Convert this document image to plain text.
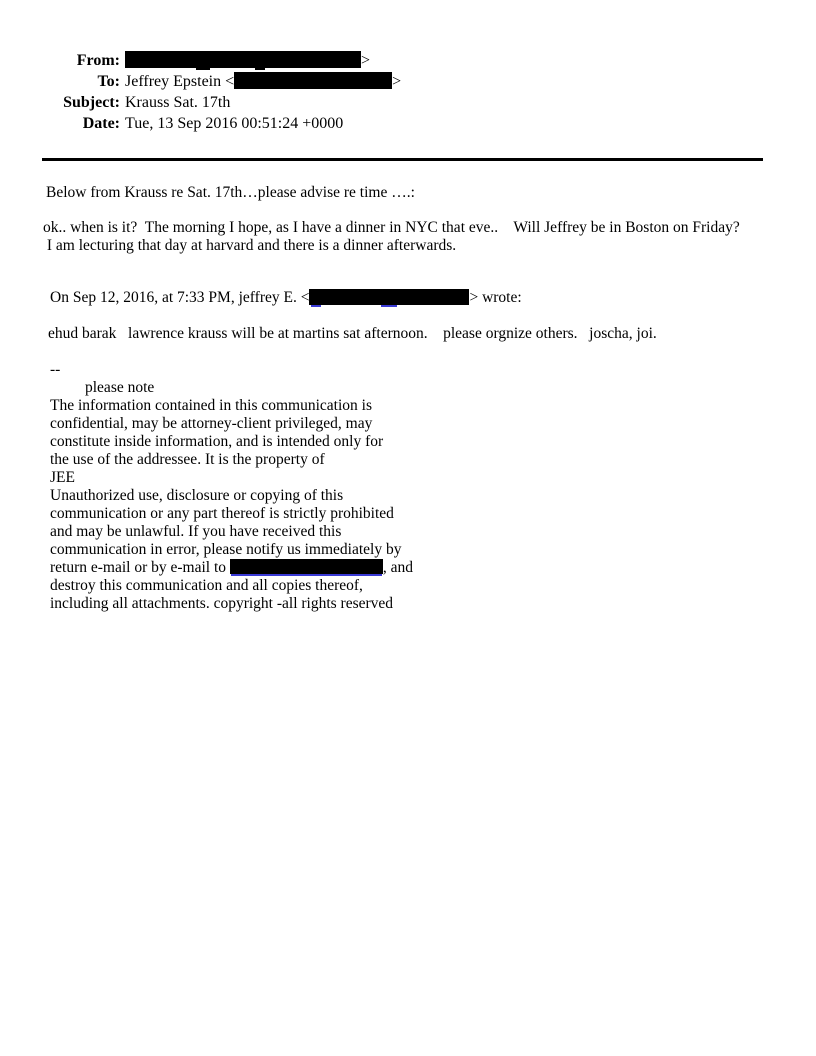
From:	>
To: Jeffrey Epstein <	>
Subject: Krauss Sat. 17th
Date: Tue, 13 Sep 2016 00:51:24 +0000
Below from Krauss re Sat. 17th…please advise re time ….:
ok.. when is it?  The morning I hope, as I have a dinner in NYC that eve..    Will Jeffrey be in Boston on Friday?
I am lecturing that day at harvard and there is a dinner afterwards.
On Sep 12, 2016, at 7:33 PM, jeffrey E. <	> wrote:
ehud barak   lawrence krauss will be at martins sat afternoon.    please orgnize others.   joscha, joi.
--
please note
The information contained in this communication is
confidential, may be attorney-client privileged, may
constitute inside information, and is intended only for
the use of the addressee. It is the property of
JEE
Unauthorized use, disclosure or copying of this
communication or any part thereof is strictly prohibited
and may be unlawful. If you have received this
communication in error, please notify us immediately by
return e-mail or by e-mail to	, and
destroy this communication and all copies thereof,
including all attachments. copyright -all rights reserved
